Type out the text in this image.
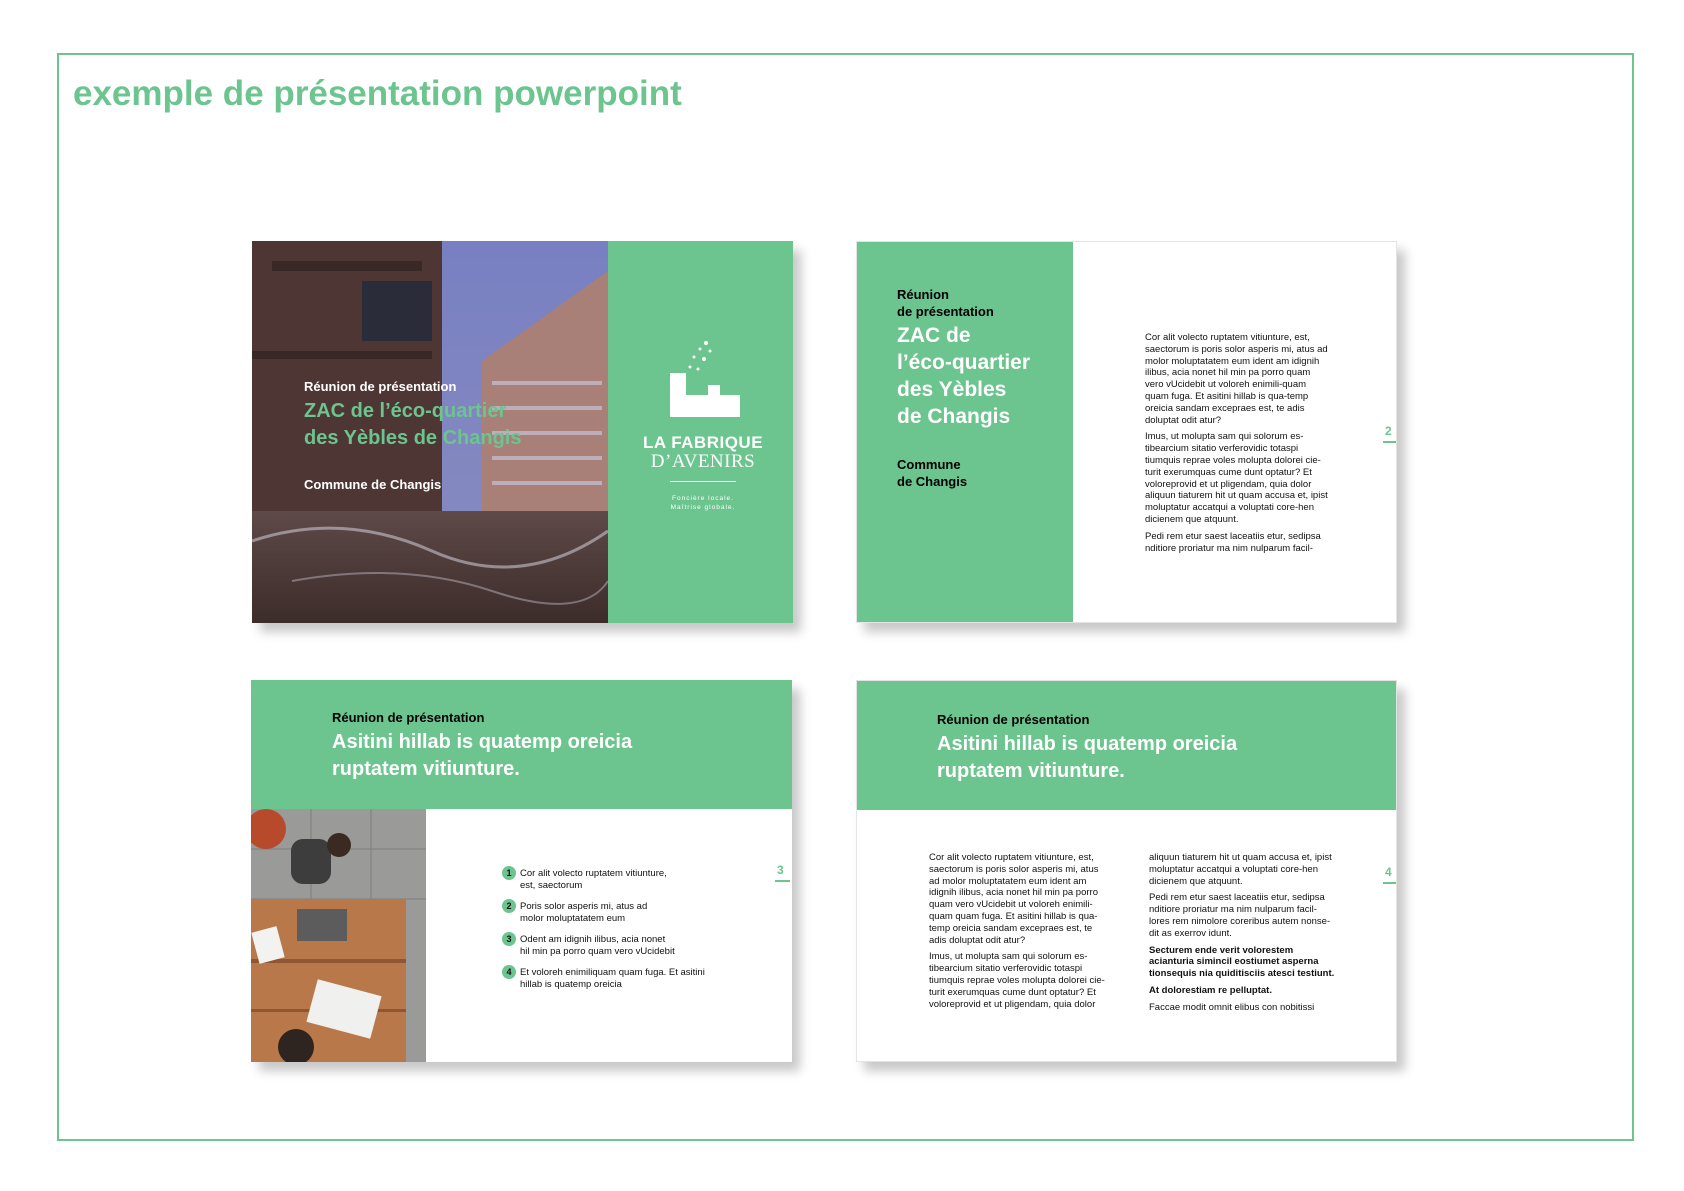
exemple de présentation powerpoint
Réunion de présentation
ZAC de l’éco-quartier
des Yèbles de Changis
Commune de Changis
LA FABRIQUE
D’AVENIRS
Foncière locale.
Maîtrise globale.
Réunion
de présentation
ZAC de
l’éco-quartier
des Yèbles
de Changis
Commune
de Changis

Cor alit volecto ruptatem vitiunture, est, saectorum is poris solor asperis mi, atus ad molor moluptatatem eum ident am idignih ilibus, acia nonet hil min pa porro quam vero vUcidebit ut voloreh enimili-quam quam fuga. Et asitini hillab is qua-temp oreicia sandam excepraes est, te adis doluptat odit atur?

Imus, ut molupta sam qui solorum es-tibearcium sitatio verferovidic totaspi tiumquis reprae voles molupta dolorei cie-turit exerumquas cume dunt optatur? Et voloreprovid et ut pligendam, quia dolor aliquun tiaturem hit ut quam accusa et, ipist moluptatur accatqui a voluptati core-hen dicienem que atquunt.

Pedi rem etur saest laceatiis etur, sedipsa nditiore proriatur ma nim nulparum facil-

2
Réunion de présentation
Asitini hillab is quatemp oreicia
ruptatem vitiunture.
1 Cor alit volecto ruptatem vitiunture,
est, saectorum
2 Poris solor asperis mi, atus ad
molor moluptatatem eum
3 Odent am idignih ilibus, acia nonet
hil min pa porro quam vero vUcidebit
4 Et voloreh enimiliquam quam fuga. Et asitini
hillab is quatemp oreicia
3
Réunion de présentation
Asitini hillab is quatemp oreicia
ruptatem vitiunture.

Cor alit volecto ruptatem vitiunture, est, saectorum is poris solor asperis mi, atus ad molor moluptatatem eum ident am idignih ilibus, acia nonet hil min pa porro quam vero vUcidebit ut voloreh enimili-quam quam fuga. Et asitini hillab is qua-temp oreicia sandam excepraes est, te adis doluptat odit atur?

Imus, ut molupta sam qui solorum es-tibearcium sitatio verferovidic totaspi tiumquis reprae voles molupta dolorei cie-turit exerumquas cume dunt optatur? Et voloreprovid et ut pligendam, quia dolor

aliquun tiaturem hit ut quam accusa et, ipist moluptatur accatqui a voluptati core-hen dicienem que atquunt.

Pedi rem etur saest laceatiis etur, sedipsa nditiore proriatur ma nim nulparum facil-lores rem nimolore coreribus autem nonse-dit as exerrov idunt.

Secturem ende verit volorestem acianturia simincil eostiumet asperna tionsequis nia quiditisciis atesci testiunt.

At dolorestiam re pelluptat.

Faccae modit omnit elibus con nobitissi

4
